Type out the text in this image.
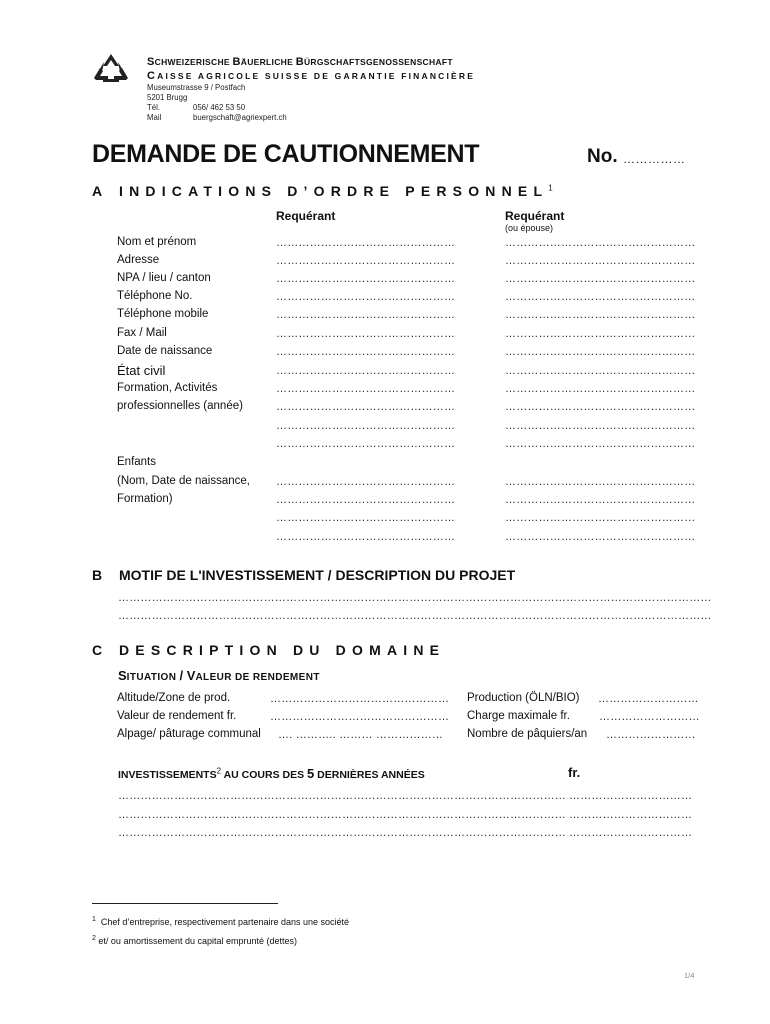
SCHWEIZERISCHE BÄUERLICHE BÜRGSCHAFTSGENOSSENSCHAFT
CAISSE AGRICOLE SUISSE DE GARANTIE FINANCIÈRE
Museumstrasse 9 / Postfach
5201 Brugg
Tél.	056/ 462 53 50
Mail	buergschaft@agriexpert.ch
DEMANDE DE CAUTIONNEMENT	No. ……………
A INDICATIONS D’ORDRE PERSONNEL$^1$
Requérant	Requérant
(ou épouse)
Nom et prénom	…………………………………………	……………………………………………
Adresse	…………………………………………	……………………………………………
NPA / lieu / canton	…………………………………………	……………………………………………
Téléphone No.	…………………………………………	……………………………………………
Téléphone mobile	…………………………………………	……………………………………………
Fax / Mail	…………………………………………	……………………………………………
Date de naissance	…………………………………………	……………………………………………
État civil	…………………………………………	……………………………………………
Formation, Activités	…………………………………………	……………………………………………
professionnelles (année)	…………………………………………	……………………………………………
…………………………………………	……………………………………………
…………………………………………	……………………………………………
Enfants
(Nom, Date de naissance, …………………………………………	……………………………………………
Formation)	…………………………………………	……………………………………………
…………………………………………	……………………………………………
…………………………………………	……………………………………………
B MOTIF DE L'INVESTISSEMENT / DESCRIPTION DU PROJET
……………………………………………………………………………………………………………………………………………
……………………………………………………………………………………………………………………………………………
C DESCRIPTION DU DOMAINE
SITUATION / VALEUR DE RENDEMENT
Altitude/Zone de prod.	………………………………………… Production (ÖLN/BIO) ………………………
Valeur de rendement fr.	………………………………………… Charge maximale fr.	………………………
Alpage/ pâturage communal …. ……….. ……… ……………… Nombre de pâquiers/an ……………………
INVESTISSEMENTS$^2$ AU COURS DES 5 DERNIÈRES ANNÉES	fr.
………………………………………………………………………………………………………… ……………………………
………………………………………………………………………………………………………… ……………………………
………………………………………………………………………………………………………… ……………………………
$^1$ Chef d’entreprise, respectivement partenaire dans une société
$^2$ et/ ou amortissement du capital emprunté (dettes)
1/4
